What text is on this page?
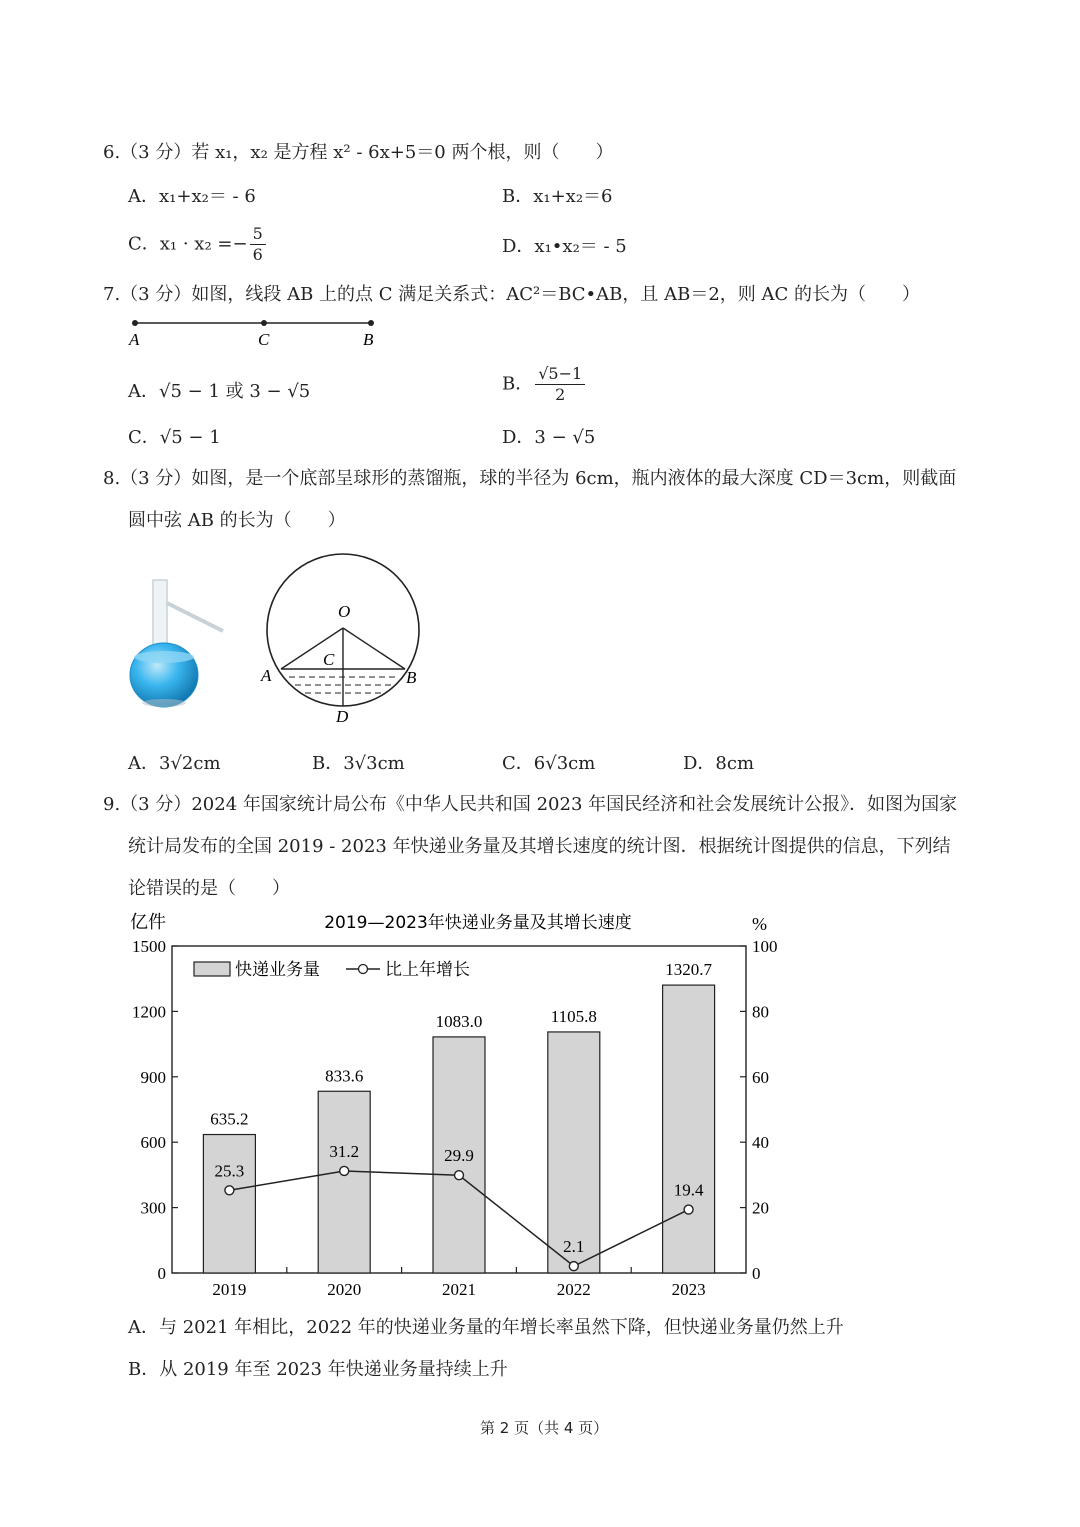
6.（3 分）若 x₁，x₂ 是方程 x² - 6x+5＝0 两个根，则（　　）
A．x₁+x₂＝ - 6	B．x₁+x₂＝6
C．$x_1 \cdot x_2 =- \frac{5}{6}$	D．x₁•x₂＝ - 5
7.（3 分）如图，线段 AB 上的点 C 满足关系式：AC²＝BC•AB，且 AB＝2，则 AC 的长为（　　）
A	C	B
A．√5 − 1 或 3 − √5	B． $\frac{√5-1}{2}$
C．√5 − 1	D．3 − √5
8.（3 分）如图，是一个底部呈球形的蒸馏瓶，球的半径为 6cm，瓶内液体的最大深度 CD＝3cm，则截面
圆中弦 AB 的长为（　　）
O
C
A	B
D
A．3√2cm	B．3√3cm	C．6√3cm	D．8cm
9.（3 分）2024 年国家统计局公布《中华人民共和国 2023 年国民经济和社会发展统计公报》．如图为国家
统计局发布的全国 2019 - 2023 年快递业务量及其增长速度的统计图．根据统计图提供的信息，下列结
论错误的是（　　）
2019—2023年快递业务量及其增长速度
亿件	%
0
300
600
900
1200
1500
0
20
40
60
80
100
2019	2020	2021	2022	2023
635.2
833.6
1083.0	1105.8
1320.7
25.3
31.2	29.9
2.1
19.4
快递业务量	比上年增长
A．与 2021 年相比，2022 年的快递业务量的年增长率虽然下降，但快递业务量仍然上升
B．从 2019 年至 2023 年快递业务量持续上升
第 2 页（共 4 页）
